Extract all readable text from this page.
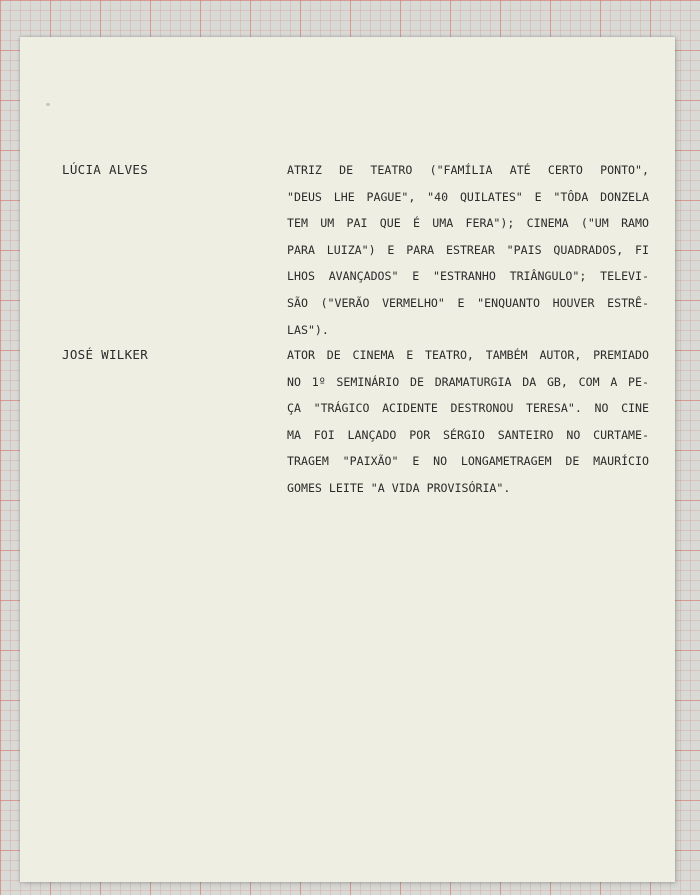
LÚCIA ALVES	ATRIZ DE TEATRO ("FAMÍLIA ATÉ CERTO PONTO",
"DEUS LHE PAGUE", "40 QUILATES" E "TÔDA DONZELA
TEM UM PAI QUE É UMA FERA"); CINEMA ("UM RAMO
PARA LUIZA") E PARA ESTREAR "PAIS QUADRADOS, FI
LHOS AVANÇADOS" E "ESTRANHO TRIÂNGULO"; TELEVI-
SÃO ("VERÃO VERMELHO" E "ENQUANTO HOUVER ESTRÊ-
LAS").
JOSÉ WILKER	ATOR DE CINEMA E TEATRO, TAMBÉM AUTOR, PREMIADO
NO 1º SEMINÁRIO DE DRAMATURGIA DA GB, COM A PE-
ÇA "TRÁGICO ACIDENTE DESTRONOU TERESA". NO CINE
MA FOI LANÇADO POR SÉRGIO SANTEIRO NO CURTAME-
TRAGEM "PAIXÃO" E NO LONGAMETRAGEM DE MAURÍCIO
GOMES LEITE "A VIDA PROVISÓRIA".
